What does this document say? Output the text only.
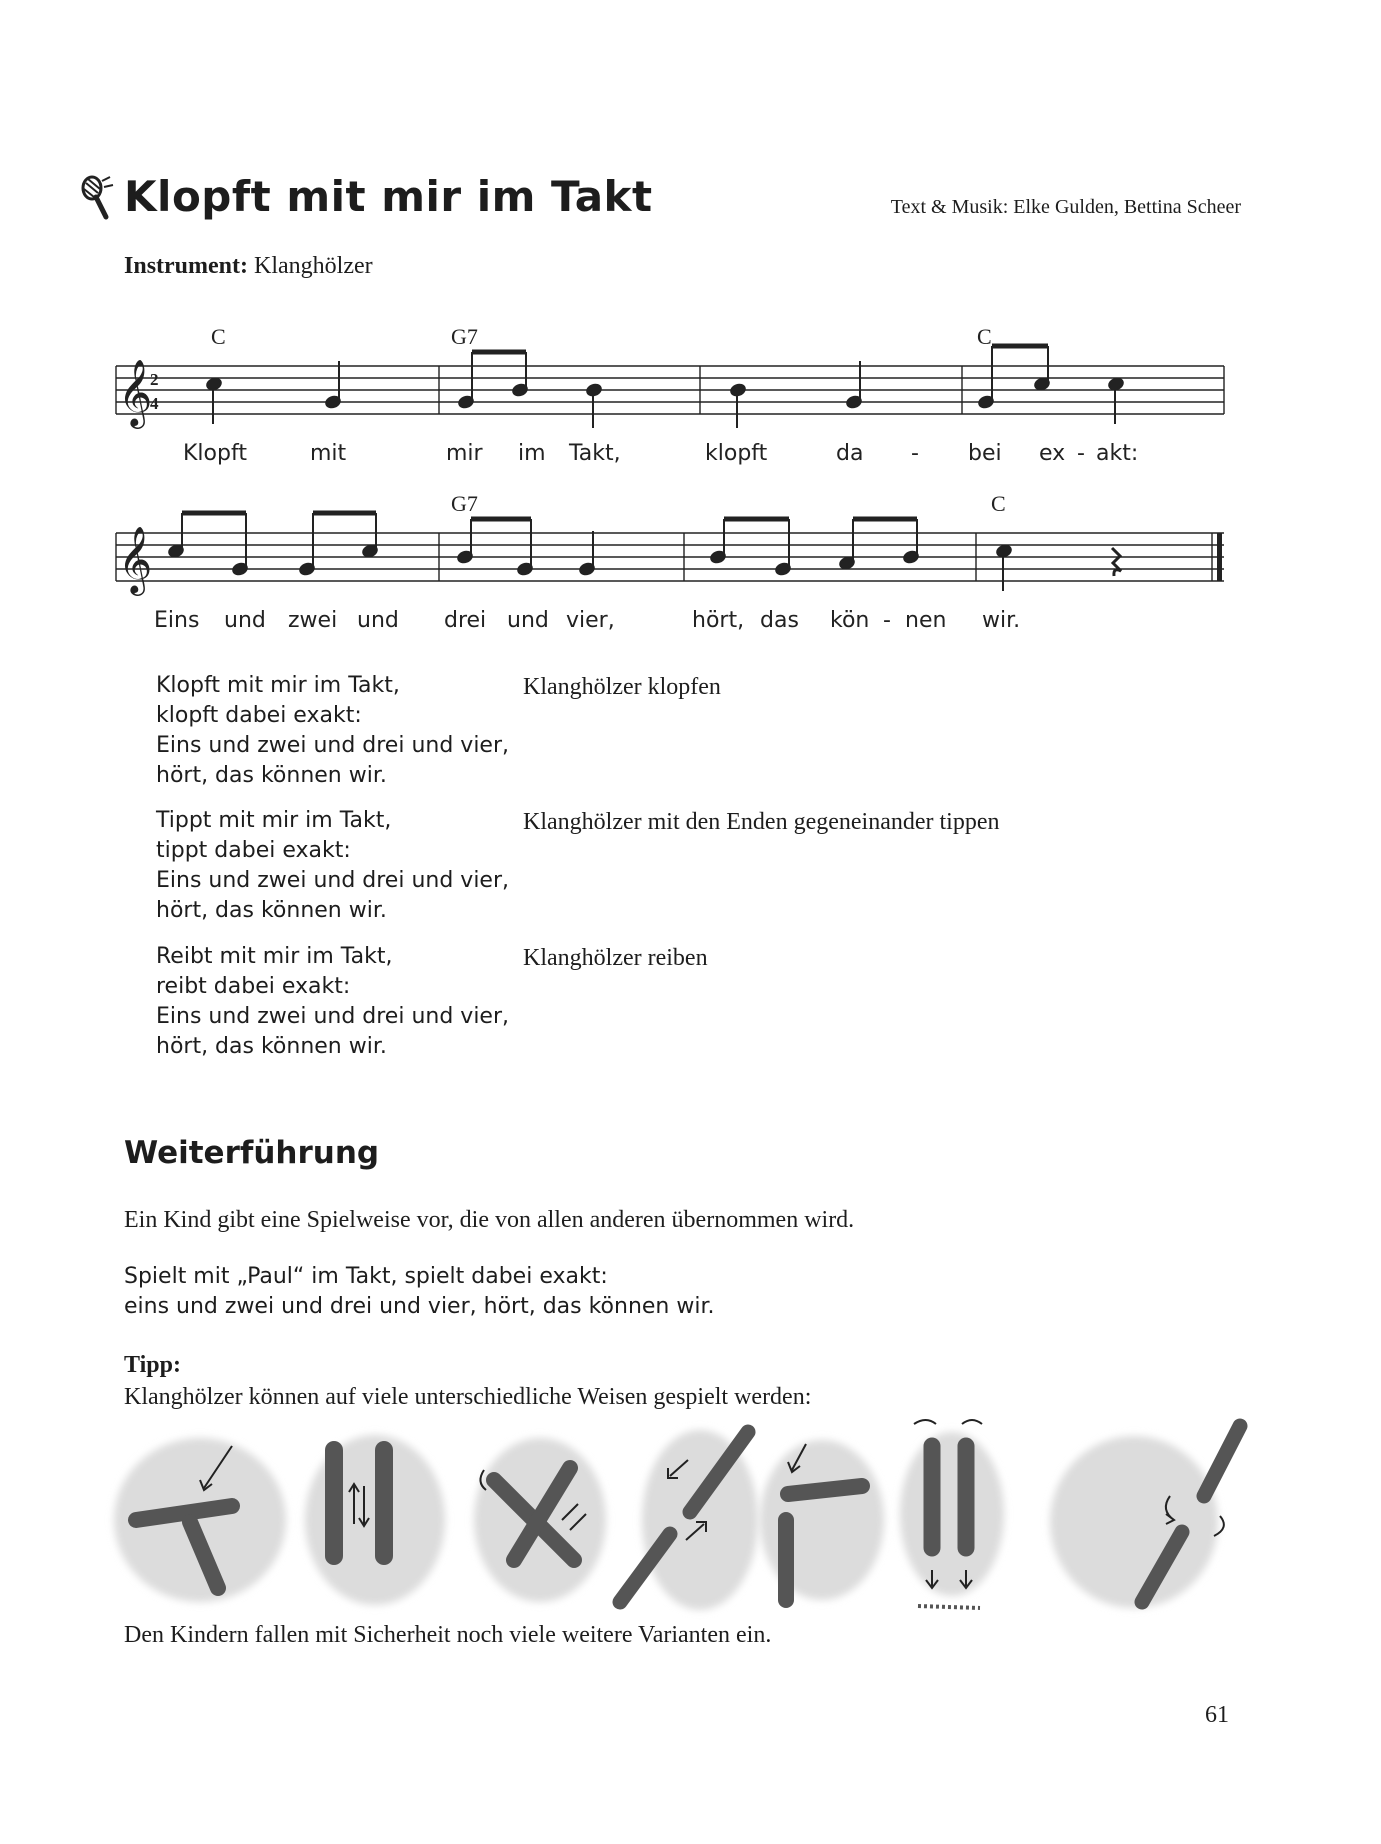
Klopft mit mir im Takt	Text & Musik: Elke Gulden, Bettina Scheer
Instrument: Klanghölzer
C	G7	C
𝄞
2
4
Klopft	mit	mir im Takt,	klopft	da - bei ex - akt:
G7	C
𝄞
Eins und zwei und drei und vier,	hört, das kön - nen wir.
Klopft mit mir im Takt,
klopft dabei exakt:
Eins und zwei und drei und vier,
hört, das können wir.
Klanghölzer klopfen
Tippt mit mir im Takt,
tippt dabei exakt:
Eins und zwei und drei und vier,
hört, das können wir.
Klanghölzer mit den Enden gegeneinander tippen
Reibt mit mir im Takt,
reibt dabei exakt:
Eins und zwei und drei und vier,
hört, das können wir.
Klanghölzer reiben
Weiterführung
Ein Kind gibt eine Spielweise vor, die von allen anderen übernommen wird.
Spielt mit „Paul“ im Takt, spielt dabei exakt:
eins und zwei und drei und vier, hört, das können wir.
Tipp:
Klanghölzer können auf viele unterschiedliche Weisen gespielt werden:
Den Kindern fallen mit Sicherheit noch viele weitere Varianten ein.
61
